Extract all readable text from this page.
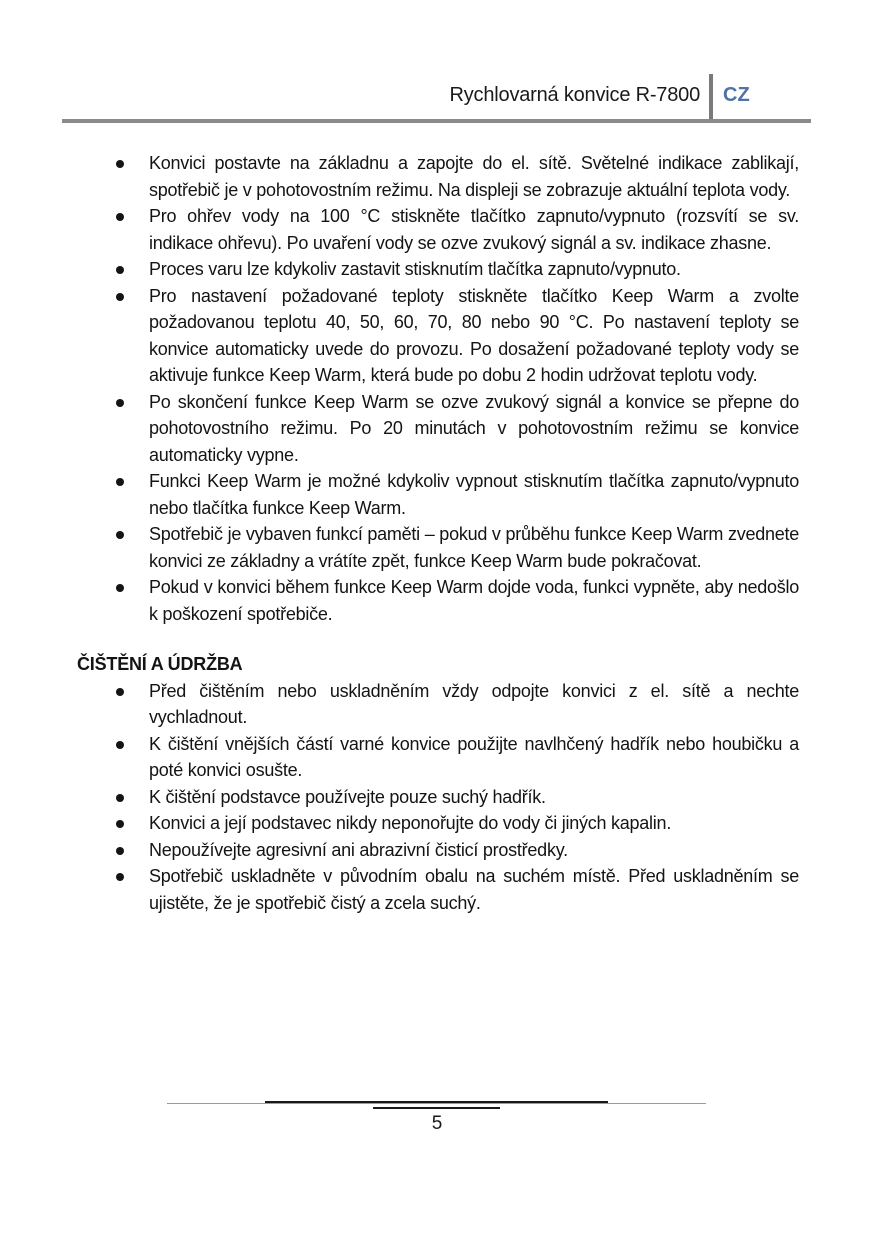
Rychlovarná konvice R-7800 CZ
Konvici postavte na základnu a zapojte do el. sítě. Světelné indikace zablikají, spotřebič je v pohotovostním režimu. Na displeji se zobrazuje aktuální teplota vody.
Pro ohřev vody na 100 °C stiskněte tlačítko zapnuto/vypnuto (rozsvítí se sv. indikace ohřevu). Po uvaření vody se ozve zvukový signál a sv. indikace zhasne.
Proces varu lze kdykoliv zastavit stisknutím tlačítka zapnuto/vypnuto.
Pro nastavení požadované teploty stiskněte tlačítko Keep Warm a zvolte požadovanou teplotu 40, 50, 60, 70, 80 nebo 90 °C. Po nastavení teploty se konvice automaticky uvede do provozu. Po dosažení požadované teploty vody se aktivuje funkce Keep Warm, která bude po dobu 2 hodin udržovat teplotu vody.
Po skončení funkce Keep Warm se ozve zvukový signál a konvice se přepne do pohotovostního režimu. Po 20 minutách v pohotovostním režimu se konvice automaticky vypne.
Funkci Keep Warm je možné kdykoliv vypnout stisknutím tlačítka zapnuto/vypnuto nebo tlačítka funkce Keep Warm.
Spotřebič je vybaven funkcí paměti – pokud v průběhu funkce Keep Warm zvednete konvici ze základny a vrátíte zpět, funkce Keep Warm bude pokračovat.
Pokud v konvici během funkce Keep Warm dojde voda, funkci vypněte, aby nedošlo k poškození spotřebiče.
ČIŠTĚNÍ A ÚDRŽBA
Před čištěním nebo uskladněním vždy odpojte konvici z el. sítě a nechte vychladnout.
K čištění vnějších částí varné konvice použijte navlhčený hadřík nebo houbičku a poté konvici osušte.
K čištění podstavce používejte pouze suchý hadřík.
Konvici a její podstavec nikdy neponořujte do vody či jiných kapalin.
Nepoužívejte agresivní ani abrazivní čisticí prostředky.
Spotřebič uskladněte v původním obalu na suchém místě. Před uskladněním se ujistěte, že je spotřebič čistý a zcela suchý.
5
